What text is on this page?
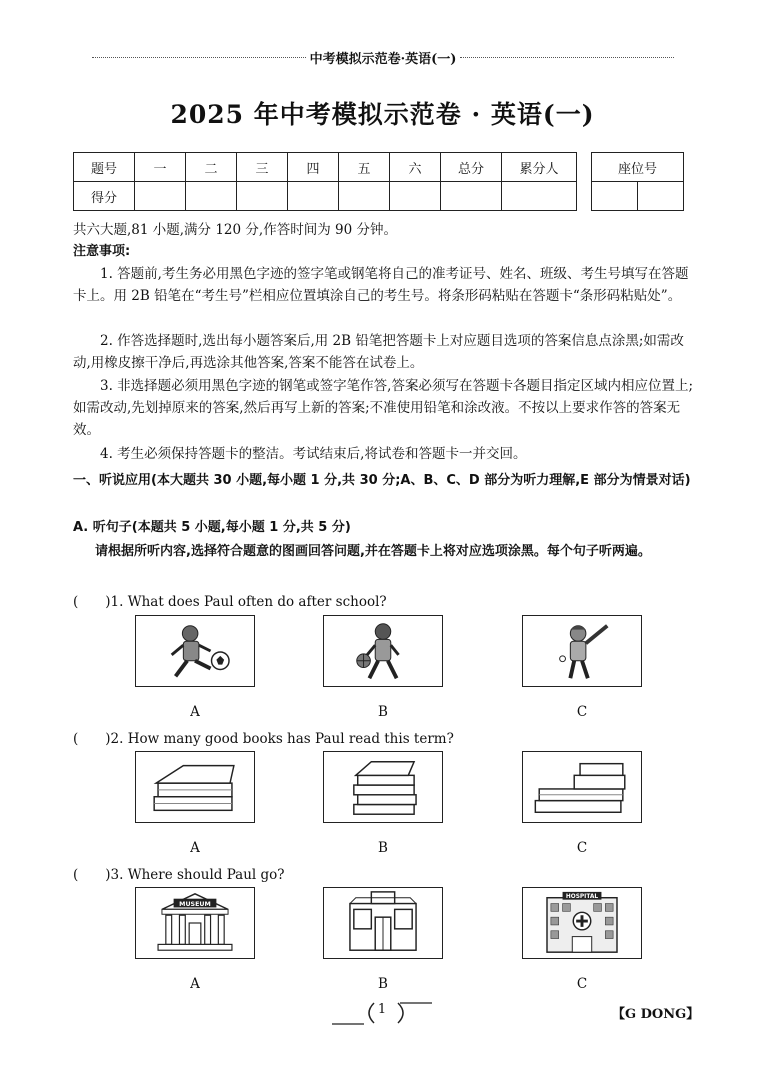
中考模拟示范卷·英语(一)
2025 年中考模拟示范卷 · 英语(一)
题号	一	二	三	四	五	六	总分	累分人
得分								
座位号

共六大题,81 小题,满分 120 分,作答时间为 90 分钟。
注意事项:
1. 答题前,考生务必用黑色字迹的签字笔或钢笔将自己的准考证号、姓名、班级、考生号填写在答题卡上。用 2B 铅笔在“考生号”栏相应位置填涂自己的考生号。将条形码粘贴在答题卡“条形码粘贴处”。
2. 作答选择题时,选出每小题答案后,用 2B 铅笔把答题卡上对应题目选项的答案信息点涂黑;如需改动,用橡皮擦干净后,再选涂其他答案,答案不能答在试卷上。
3. 非选择题必须用黑色字迹的钢笔或签字笔作答,答案必须写在答题卡各题目指定区域内相应位置上;如需改动,先划掉原来的答案,然后再写上新的答案;不准使用铅笔和涂改液。不按以上要求作答的答案无效。
4. 考生必须保持答题卡的整洁。考试结束后,将试卷和答题卡一并交回。
一、听说应用(本大题共 30 小题,每小题 1 分,共 30 分;A、B、C、D 部分为听力理解,E 部分为情景对话)
A. 听句子(本题共 5 小题,每小题 1 分,共 5 分)
请根据所听内容,选择符合题意的图画回答问题,并在答题卡上将对应选项涂黑。每个句子听两遍。
(　　)1. What does Paul often do after school?
A	B	C
(　　)2. How many good books has Paul read this term?
A	B	C
(　　)3. Where should Paul go?
MUSEUM
HOSPITAL
A	B	C
1	【G DONG】
